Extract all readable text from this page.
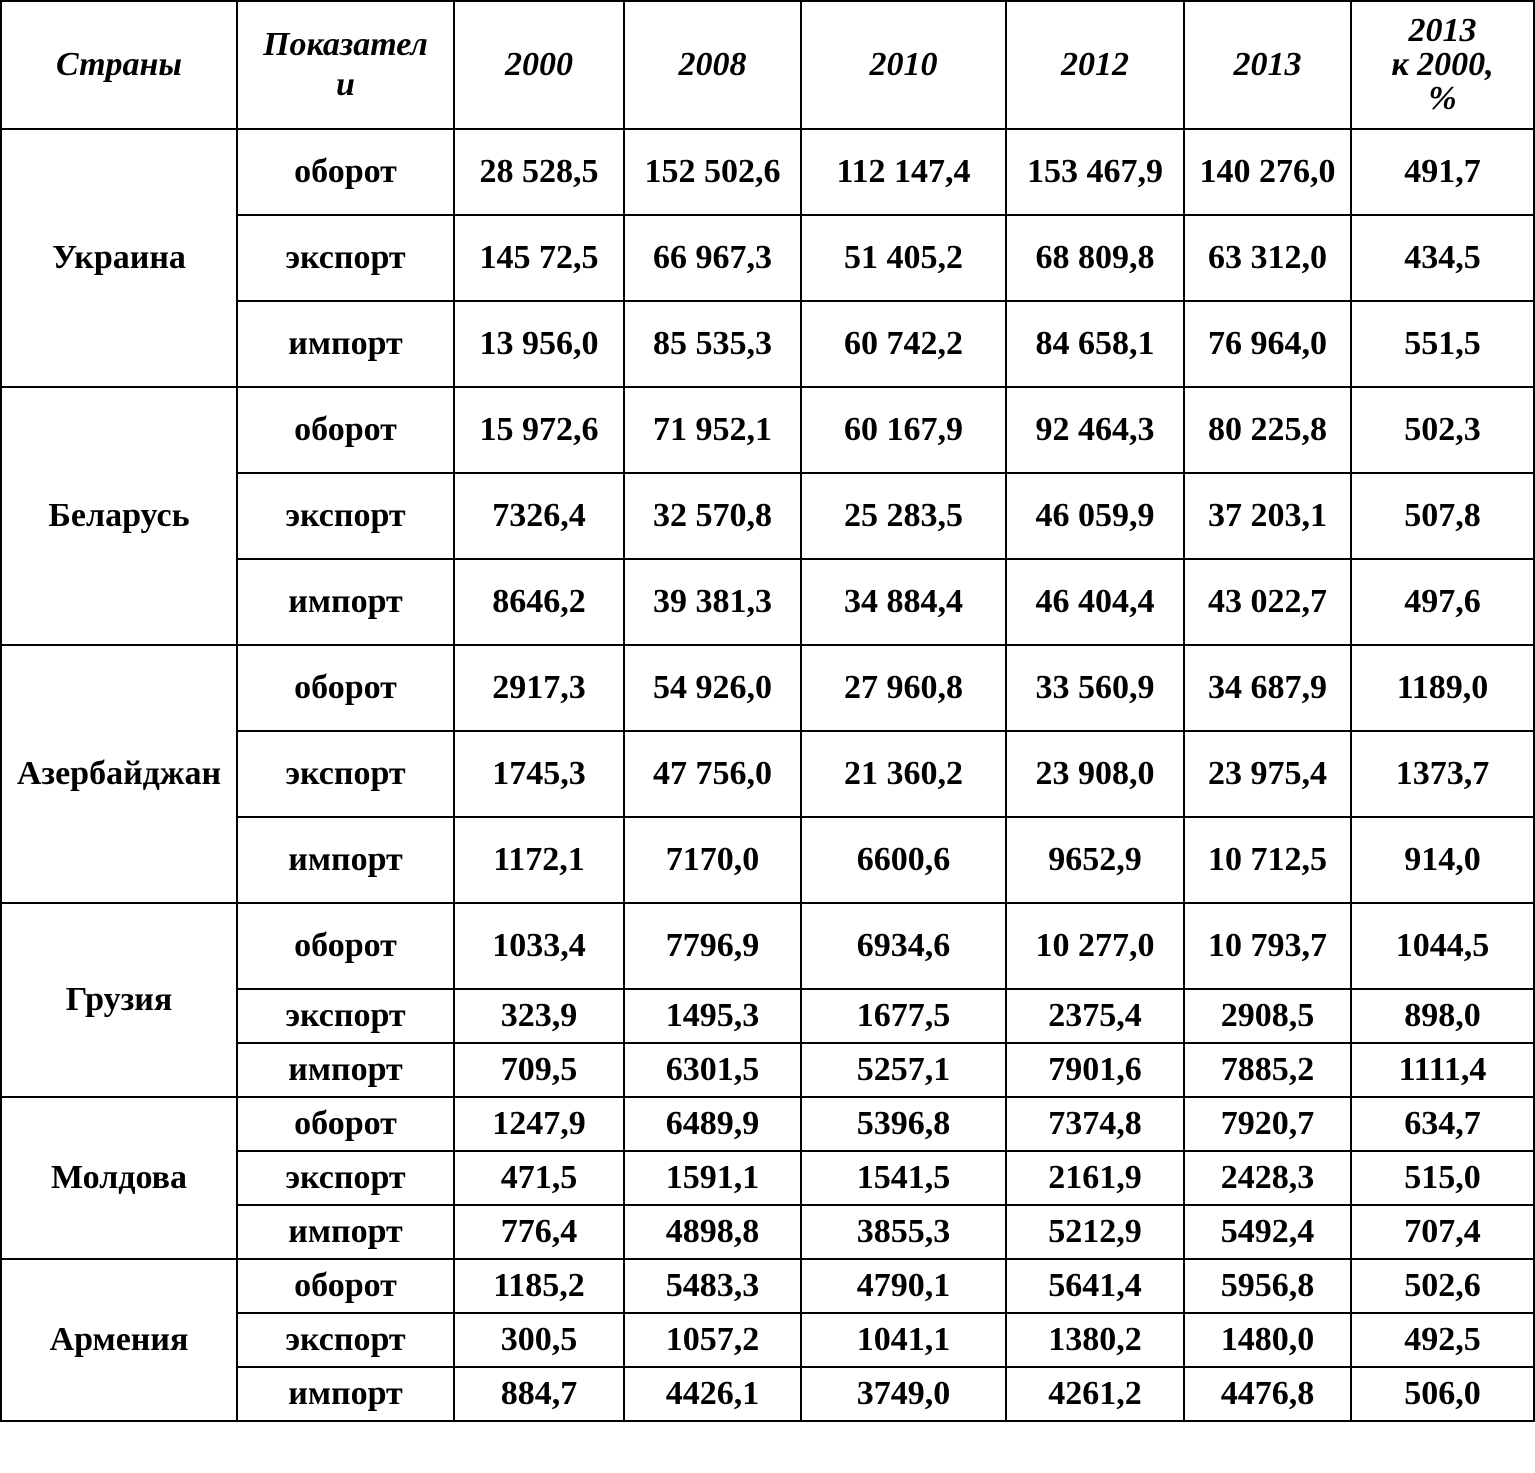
Страны	Показатели	2000	2008	2010	2012	2013	2013
к 2000,
%
Украина	оборот	28 528,5	152 502,6	112 147,4	153 467,9	140 276,0	491,7
	экспорт	145 72,5	66 967,3	51 405,2	68 809,8	63 312,0	434,5
	импорт	13 956,0	85 535,3	60 742,2	84 658,1	76 964,0	551,5
Беларусь	оборот	15 972,6	71 952,1	60 167,9	92 464,3	80 225,8	502,3
	экспорт	7326,4	32 570,8	25 283,5	46 059,9	37 203,1	507,8
	импорт	8646,2	39 381,3	34 884,4	46 404,4	43 022,7	497,6
Азербайджан	оборот	2917,3	54 926,0	27 960,8	33 560,9	34 687,9	1189,0
	экспорт	1745,3	47 756,0	21 360,2	23 908,0	23 975,4	1373,7
	импорт	1172,1	7170,0	6600,6	9652,9	10 712,5	914,0
Грузия	оборот	1033,4	7796,9	6934,6	10 277,0	10 793,7	1044,5
	экспорт	323,9	1495,3	1677,5	2375,4	2908,5	898,0
	импорт	709,5	6301,5	5257,1	7901,6	7885,2	1111,4
Молдова	оборот	1247,9	6489,9	5396,8	7374,8	7920,7	634,7
	экспорт	471,5	1591,1	1541,5	2161,9	2428,3	515,0
	импорт	776,4	4898,8	3855,3	5212,9	5492,4	707,4
Армения	оборот	1185,2	5483,3	4790,1	5641,4	5956,8	502,6
	экспорт	300,5	1057,2	1041,1	1380,2	1480,0	492,5
	импорт	884,7	4426,1	3749,0	4261,2	4476,8	506,0
